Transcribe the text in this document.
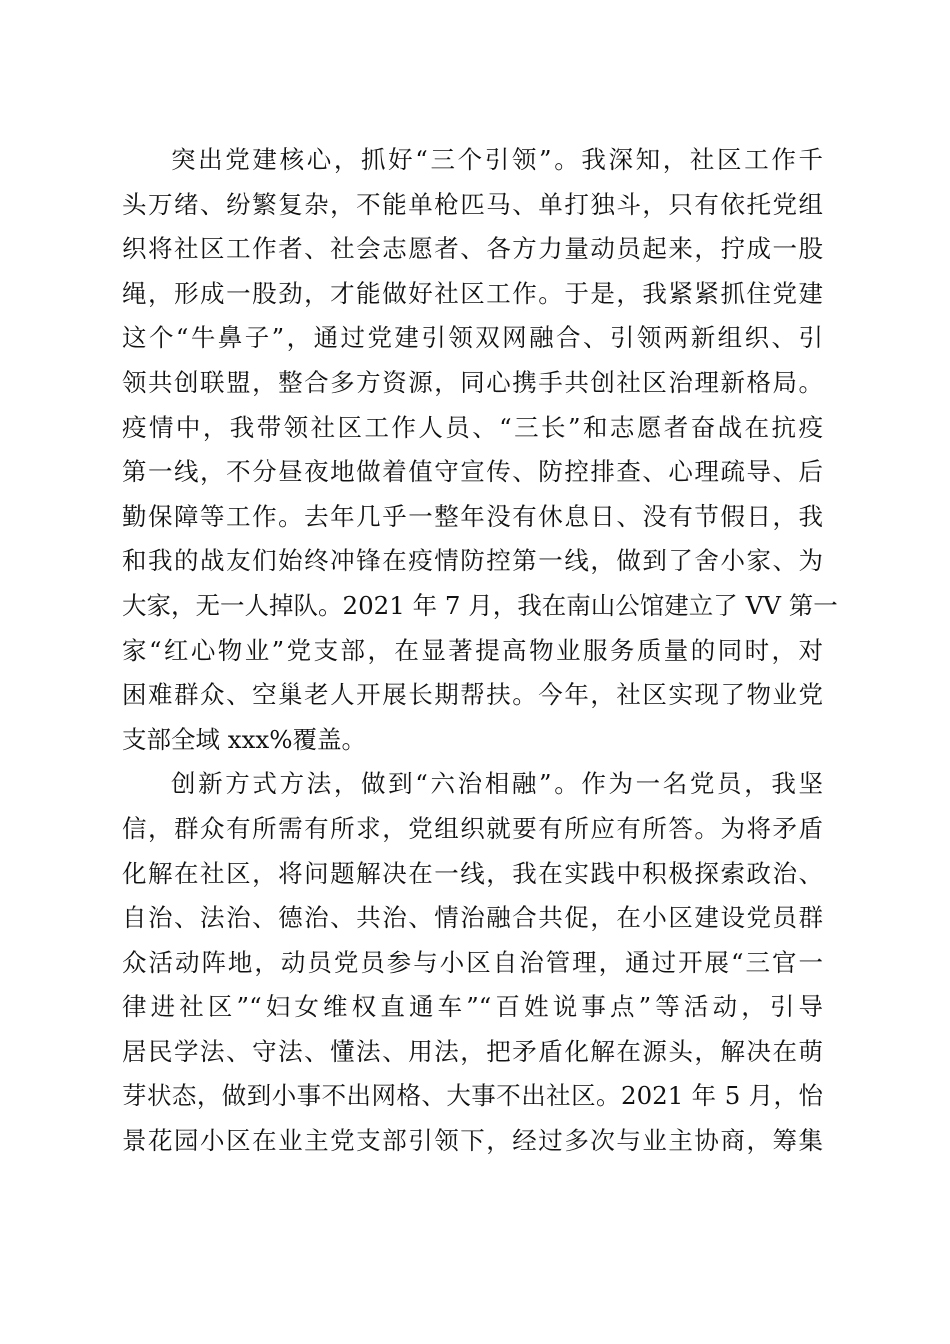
突出党建核心，抓好“三个引领”。我深知，社区工作千
头万绪、纷繁复杂，不能单枪匹马、单打独斗，只有依托党组
织将社区工作者、社会志愿者、各方力量动员起来，拧成一股
绳，形成一股劲，才能做好社区工作。于是，我紧紧抓住党建
这个“牛鼻子”，通过党建引领双网融合、引领两新组织、引
领共创联盟，整合多方资源，同心携手共创社区治理新格局。
疫情中，我带领社区工作人员、“三长”和志愿者奋战在抗疫
第一线，不分昼夜地做着值守宣传、防控排查、心理疏导、后
勤保障等工作。去年几乎一整年没有休息日、没有节假日，我
和我的战友们始终冲锋在疫情防控第一线，做到了舍小家、为
大家，无一人掉队。2021 年 7 月，我在南山公馆建立了 VV 第一
家“红心物业”党支部，在显著提高物业服务质量的同时，对
困难群众、空巢老人开展长期帮扶。今年，社区实现了物业党
支部全域 xxx%覆盖。
创新方式方法，做到“六治相融”。作为一名党员，我坚
信，群众有所需有所求，党组织就要有所应有所答。为将矛盾
化解在社区，将问题解决在一线，我在实践中积极探索政治、
自治、法治、德治、共治、情治融合共促，在小区建设党员群
众活动阵地，动员党员参与小区自治管理，通过开展“三官一
律进社区”“妇女维权直通车”“百姓说事点”等活动，引导
居民学法、守法、懂法、用法，把矛盾化解在源头，解决在萌
芽状态，做到小事不出网格、大事不出社区。2021 年 5 月，怡
景花园小区在业主党支部引领下，经过多次与业主协商，筹集
